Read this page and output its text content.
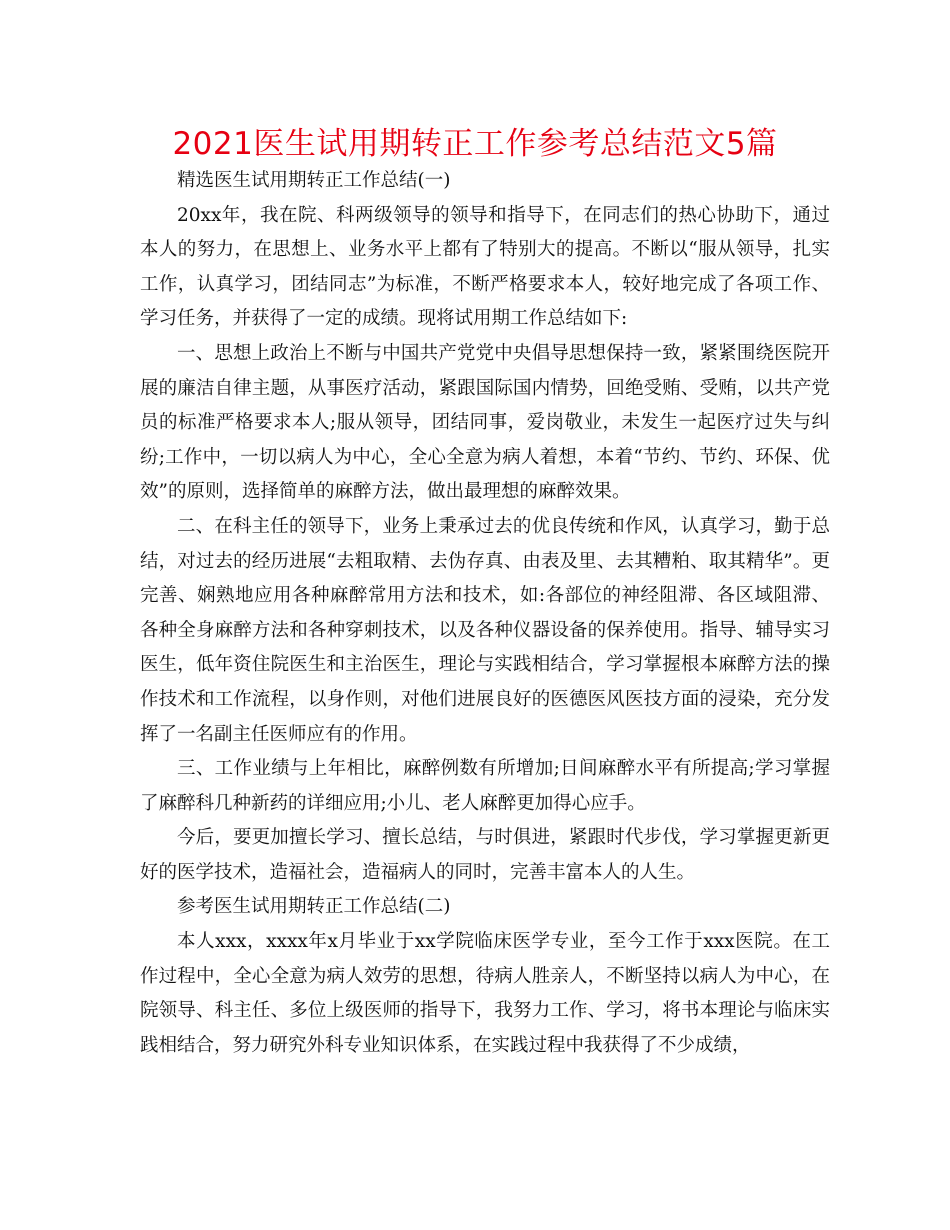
2021医生试用期转正工作参考总结范文5篇

精选医生试用期转正工作总结(一)

20xx年，我在院、科两级领导的领导和指导下，在同志们的热心协助下，通过本人的努力，在思想上、业务水平上都有了特别大的提高。不断以“服从领导，扎实工作，认真学习，团结同志”为标准，不断严格要求本人，较好地完成了各项工作、学习任务，并获得了一定的成绩。现将试用期工作总结如下:

一、思想上政治上不断与中国共产党党中央倡导思想保持一致，紧紧围绕医院开展的廉洁自律主题，从事医疗活动，紧跟国际国内情势，回绝受贿、受贿，以共产党员的标准严格要求本人;服从领导，团结同事，爱岗敬业，未发生一起医疗过失与纠纷;工作中，一切以病人为中心，全心全意为病人着想，本着“节约、节约、环保、优效”的原则，选择简单的麻醉方法，做出最理想的麻醉效果。

二、在科主任的领导下，业务上秉承过去的优良传统和作风，认真学习，勤于总结，对过去的经历进展“去粗取精、去伪存真、由表及里、去其糟粕、取其精华”。更完善、娴熟地应用各种麻醉常用方法和技术，如:各部位的神经阻滞、各区域阻滞、各种全身麻醉方法和各种穿刺技术，以及各种仪器设备的保养使用。指导、辅导实习医生，低年资住院医生和主治医生，理论与实践相结合，学习掌握根本麻醉方法的操作技术和工作流程，以身作则，对他们进展良好的医德医风医技方面的浸染，充分发挥了一名副主任医师应有的作用。

三、工作业绩与上年相比，麻醉例数有所增加;日间麻醉水平有所提高;学习掌握了麻醉科几种新药的详细应用;小儿、老人麻醉更加得心应手。

今后，要更加擅长学习、擅长总结，与时俱进，紧跟时代步伐，学习掌握更新更好的医学技术，造福社会，造福病人的同时，完善丰富本人的人生。

参考医生试用期转正工作总结(二)

本人xxx，xxxx年x月毕业于xx学院临床医学专业，至今工作于xxx医院。在工作过程中，全心全意为病人效劳的思想，待病人胜亲人，不断坚持以病人为中心，在院领导、科主任、多位上级医师的指导下，我努力工作、学习，将书本理论与临床实践相结合，努力研究外科专业知识体系，在实践过程中我获得了不少成绩，
